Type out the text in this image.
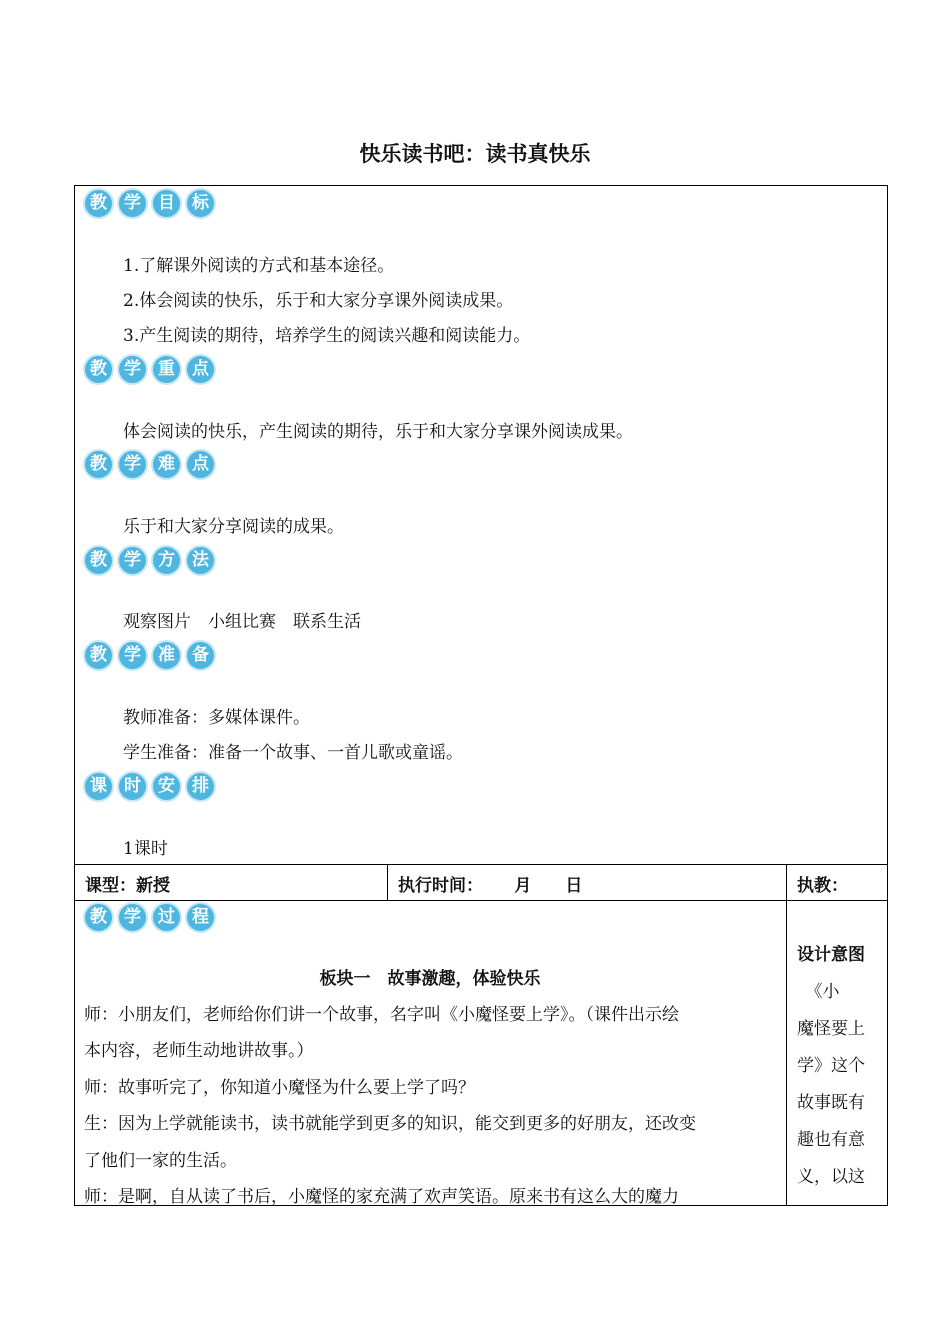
快乐读书吧：读书真快乐
教	学	目	标
1.了解课外阅读的方式和基本途径。
2.体会阅读的快乐，乐于和大家分享课外阅读成果。
3.产生阅读的期待，培养学生的阅读兴趣和阅读能力。
教	学	重	点
体会阅读的快乐，产生阅读的期待，乐于和大家分享课外阅读成果。
教	学	难	点
乐于和大家分享阅读的成果。
教	学	方	法
观察图片　小组比赛　联系生活
教	学	准	备
教师准备：多媒体课件。
学生准备：准备一个故事、一首儿歌或童谣。
课	时	安	排
1课时
课型：新授	执行时间：　　 月　　日	执教：
教	学	过	程
板块一　故事激趣，体验快乐
师：小朋友们，老师给你们讲一个故事，名字叫《小魔怪要上学》。（课件出示绘
本内容，老师生动地讲故事。）
师：故事听完了，你知道小魔怪为什么要上学了吗？
生：因为上学就能读书，读书就能学到更多的知识，能交到更多的好朋友，还改变
了他们一家的生活。
师：是啊，自从读了书后，小魔怪的家充满了欢声笑语。原来书有这么大的魔力
设计意图
　《小
魔怪要上
学》这个
故事既有
趣也有意
义，以这
